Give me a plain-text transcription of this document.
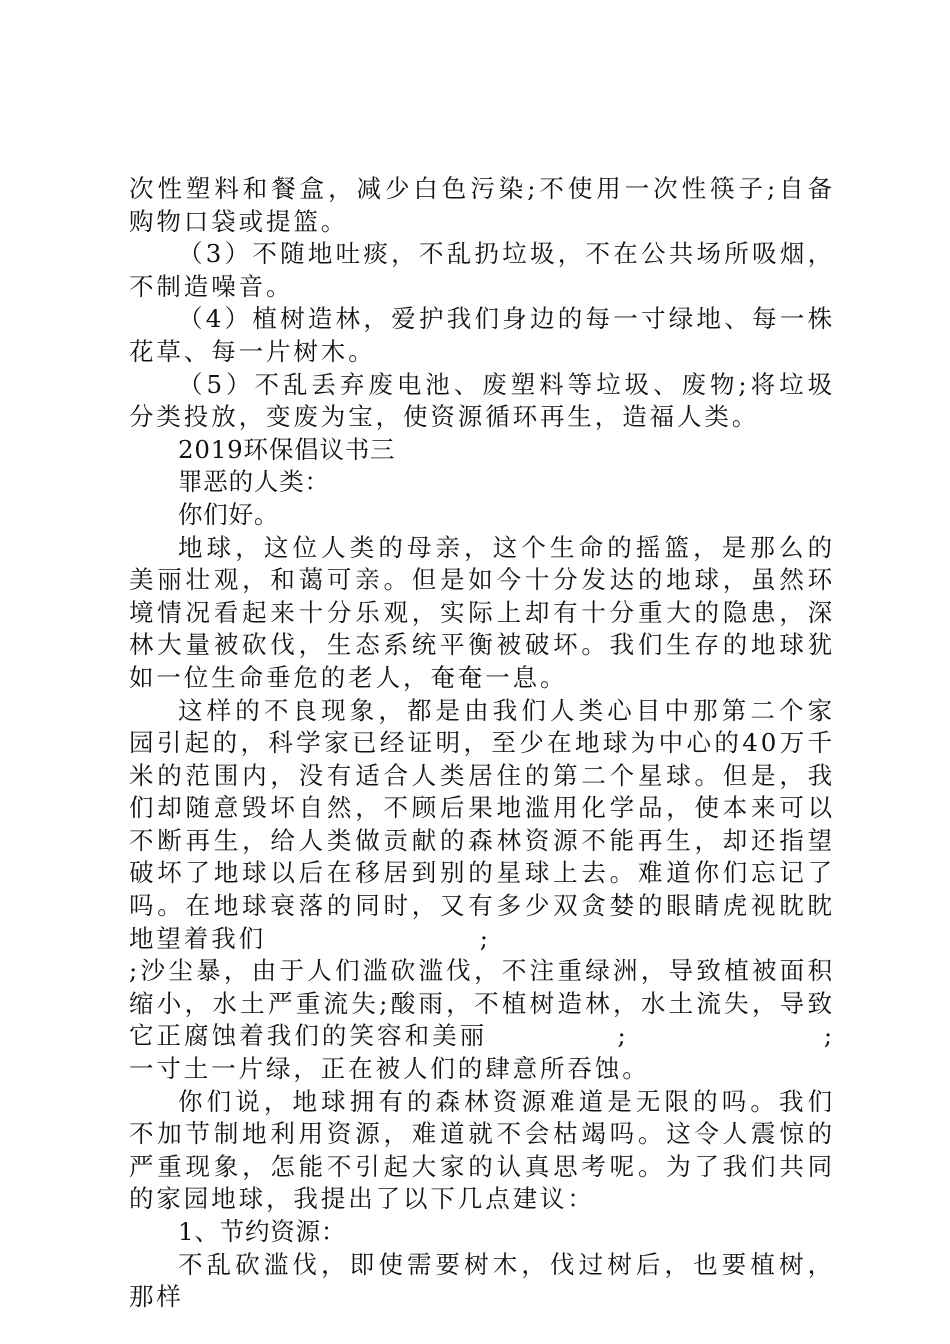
次性塑料和餐盒，减少白色污染;不使用一次性筷子;自备购物口袋或提篮。

（3）不随地吐痰，不乱扔垃圾，不在公共场所吸烟，不制造噪音。

（4）植树造林，爱护我们身边的每一寸绿地、每一株花草、每一片树木。

（5）不乱丢弃废电池、废塑料等垃圾、废物;将垃圾分类投放，变废为宝，使资源循环再生，造福人类。

2019环保倡议书三

罪恶的人类：

你们好。

地球，这位人类的母亲，这个生命的摇篮，是那么的美丽壮观，和蔼可亲。但是如今十分发达的地球，虽然环境情况看起来十分乐观，实际上却有十分重大的隐患，深林大量被砍伐，生态系统平衡被破坏。我们生存的地球犹如一位生命垂危的老人，奄奄一息。

这样的不良现象，都是由我们人类心目中那第二个家园引起的，科学家已经证明，至少在地球为中心的40万千米的范围内，没有适合人类居住的第二个星球。但是，我们却随意毁坏自然，不顾后果地滥用化学品，使本来可以不断再生，给人类做贡献的森林资源不能再生，却还指望破坏了地球以后在移居到别的星球上去。难道你们忘记了吗。在地球衰落的同时，又有多少双贪婪的眼睛虎视眈眈地望着我们	;

;沙尘暴，由于人们滥砍滥伐，不注重绿洲，导致植被面积缩小，水土严重流失;酸雨，不植树造林，水土流失，导致它正腐蚀着我们的笑容和美丽	;	;一寸土一片绿，正在被人们的肆意所吞蚀。

你们说，地球拥有的森林资源难道是无限的吗。我们不加节制地利用资源，难道就不会枯竭吗。这令人震惊的严重现象，怎能不引起大家的认真思考呢。为了我们共同的家园地球，我提出了以下几点建议：

1、节约资源：

不乱砍滥伐，即使需要树木，伐过树后，也要植树，那样
